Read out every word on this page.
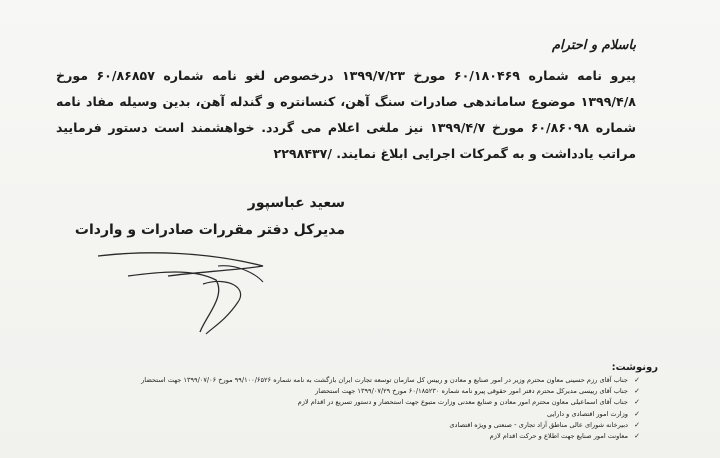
باسلام و احترام
پیرو نامه شماره ۶۰/۱۸۰۴۶۹ مورخ ۱۳۹۹/۷/۲۳ درخصوص لغو نامه شماره ۶۰/۸۶۸۵۷ مورخ
۱۳۹۹/۴/۸ موضوع ساماندهی صادرات سنگ آهن، کنسانتره و گندله آهن، بدین وسیله مفاد نامه
شماره ۶۰/۸۶۰۹۸ مورخ ۱۳۹۹/۴/۷ نیز ملغی اعلام می گردد. خواهشمند است دستور فرمایید
مراتب یادداشت و به گمرکات اجرایی ابلاغ نمایند. /۲۲۹۸۴۳۷
سعید عباسپور
مدیرکل دفتر مقررات صادرات و واردات
رونوشت:
✓
جناب آقای رزم حسینی معاون محترم وزیر در امور صنایع و معادن و رییس کل سازمان توسعه تجارت ایران بازگشت به نامه شماره ۹۹/۱۰۰/۶۵۲۶ مورخ ۱۳۹۹/۰۷/۰۶ جهت استحضار
✓
جناب آقای رییسی مدیرکل محترم دفتر امور حقوقی پیرو نامه شماره ۶۰/۱۸۵۲۳۰ مورخ ۱۳۹۹/۰۷/۲۹ جهت استحضار
✓
جناب آقای اسماعیلی معاون محترم امور معادن و صنایع معدنی وزارت متبوع جهت استحضار و دستور تسریع در اقدام لازم
✓
وزارت امور اقتصادی و دارایی
✓
دبیرخانه شورای عالی مناطق آزاد تجاری - صنعتی و ویژه اقتصادی
✓
معاونت امور صنایع جهت اطلاع و حرکت اقدام لازم
